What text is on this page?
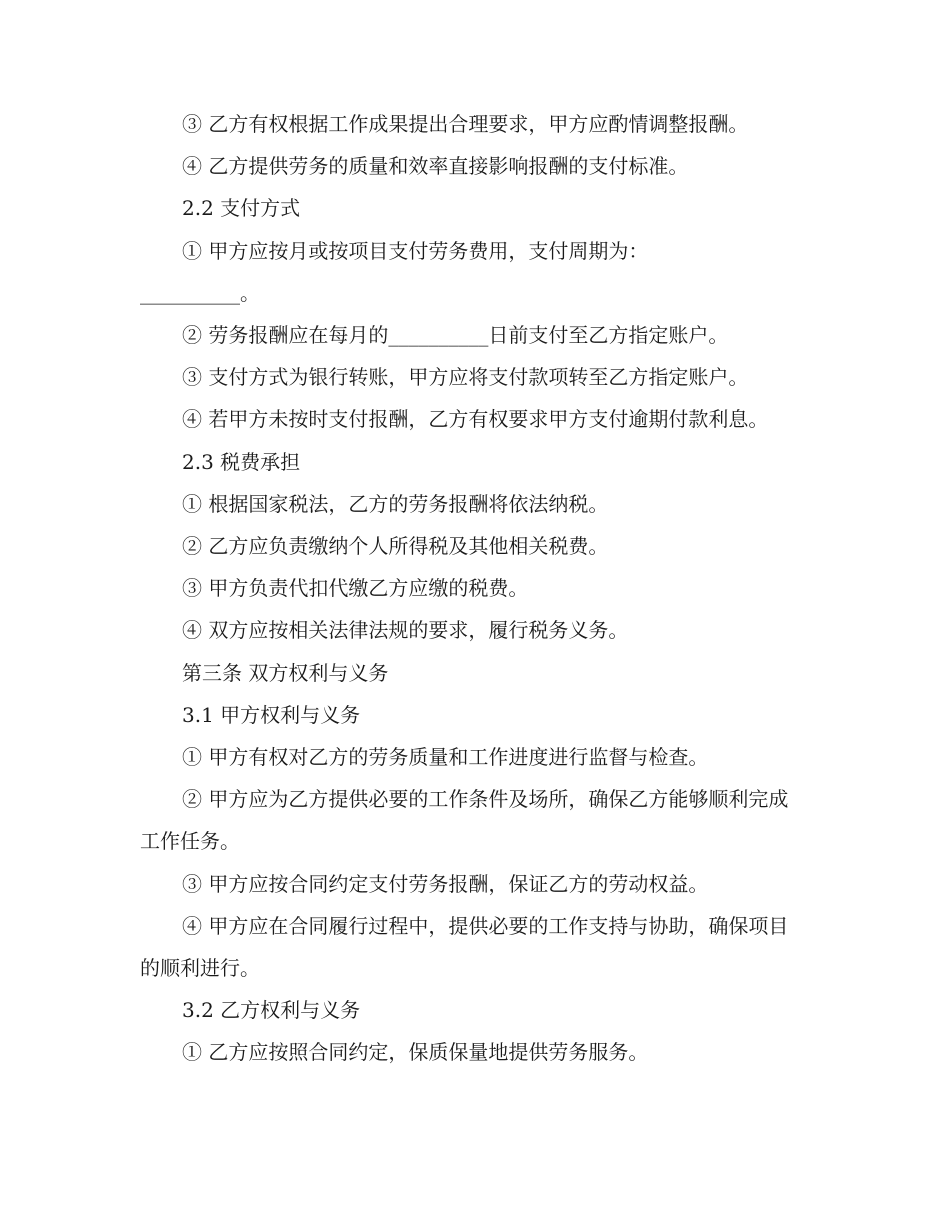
③ 乙方有权根据工作成果提出合理要求，甲方应酌情调整报酬。

④ 乙方提供劳务的质量和效率直接影响报酬的支付标准。

2.2 支付方式

① 甲方应按月或按项目支付劳务费用，支付周期为：

__________。

② 劳务报酬应在每月的__________日前支付至乙方指定账户。

③ 支付方式为银行转账，甲方应将支付款项转至乙方指定账户。

④ 若甲方未按时支付报酬，乙方有权要求甲方支付逾期付款利息。

2.3 税费承担

① 根据国家税法，乙方的劳务报酬将依法纳税。

② 乙方应负责缴纳个人所得税及其他相关税费。

③ 甲方负责代扣代缴乙方应缴的税费。

④ 双方应按相关法律法规的要求，履行税务义务。

第三条 双方权利与义务

3.1 甲方权利与义务

① 甲方有权对乙方的劳务质量和工作进度进行监督与检查。

② 甲方应为乙方提供必要的工作条件及场所，确保乙方能够顺利完成工作任务。

③ 甲方应按合同约定支付劳务报酬，保证乙方的劳动权益。

④ 甲方应在合同履行过程中，提供必要的工作支持与协助，确保项目的顺利进行。

3.2 乙方权利与义务

① 乙方应按照合同约定，保质保量地提供劳务服务。
